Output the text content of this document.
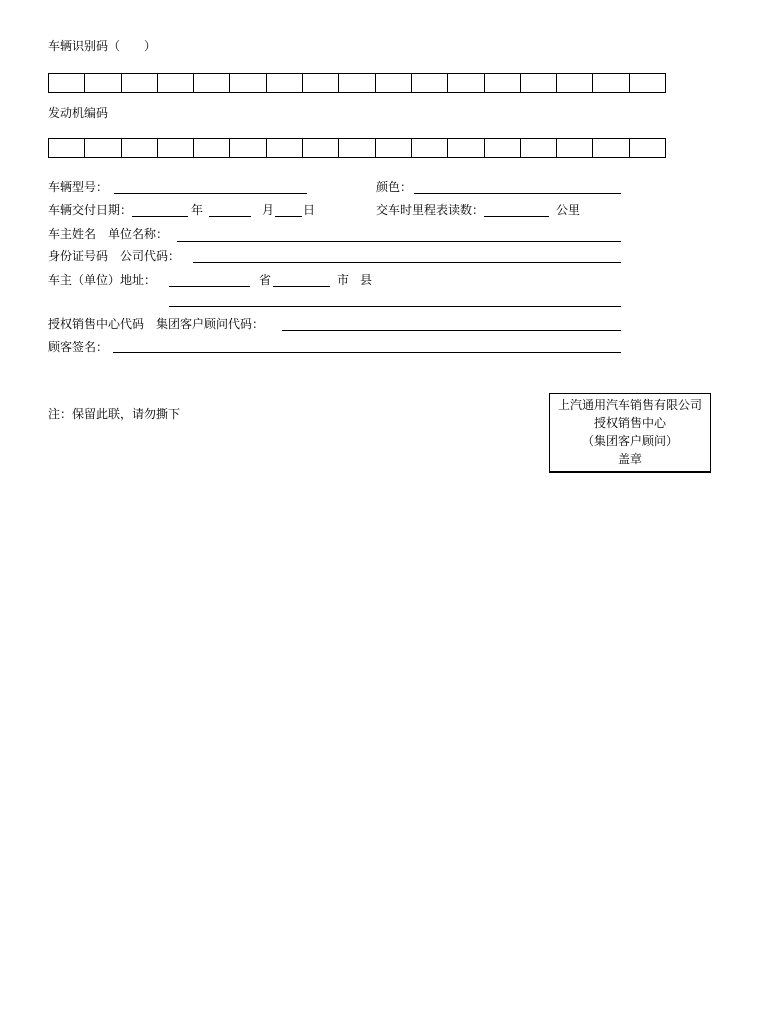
车辆识别码（　　）
发动机编码
车辆型号：	颜色：
车辆交付日期：	年	月 日	交车时里程表读数：	公里
车主姓名　单位名称：
身份证号码　公司代码：
车主（单位）地址：	省	市 县
授权销售中心代码　集团客户顾问代码：
顾客签名：
注：保留此联，请勿撕下
上汽通用汽车销售有限公司
授权销售中心
（集团客户顾问）
盖章
